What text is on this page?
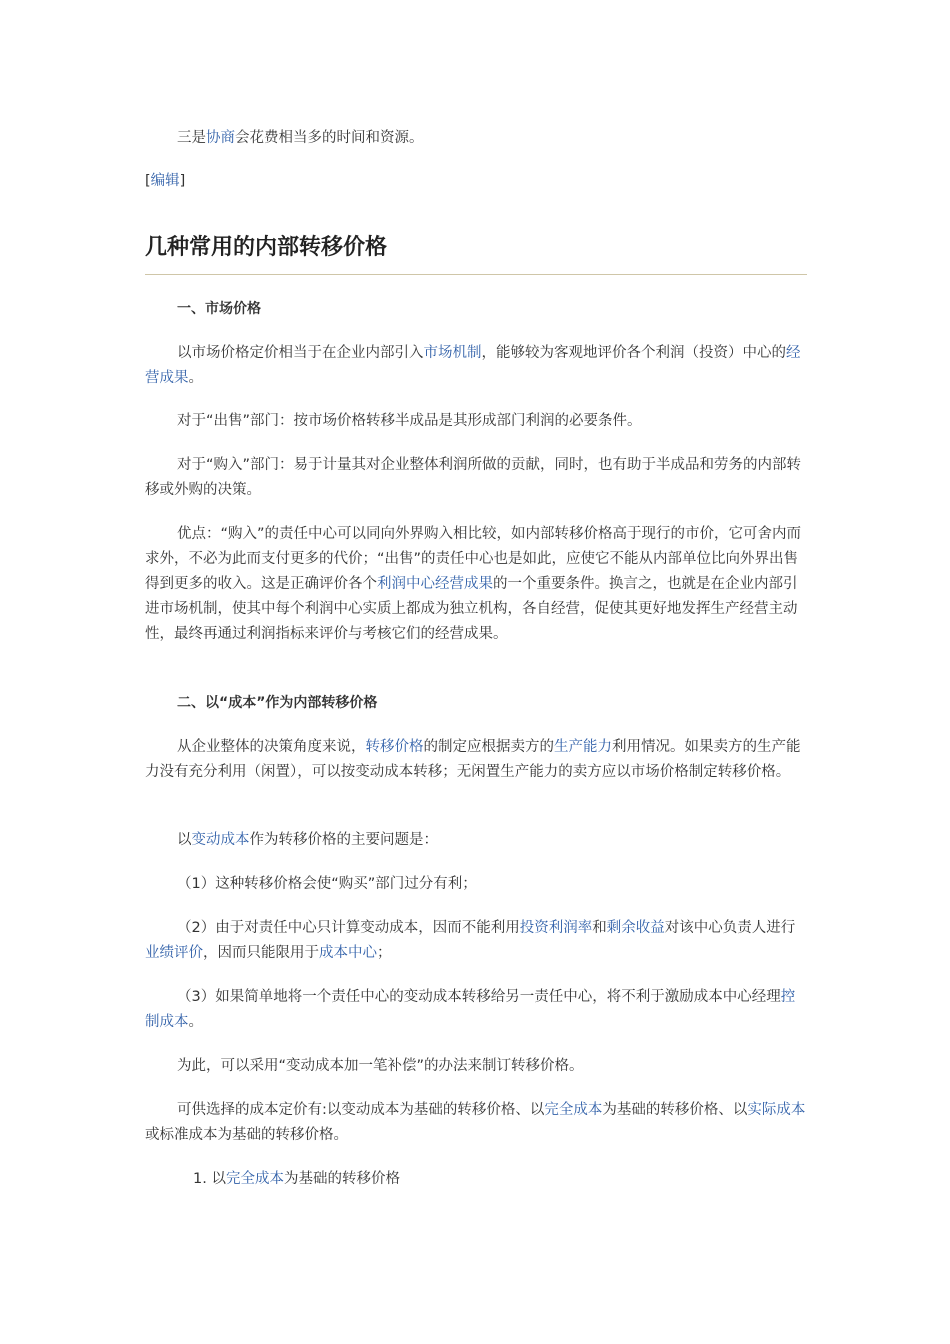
三是协商会花费相当多的时间和资源。

[编辑]
几种常用的内部转移价格

一、市场价格

以市场价格定价相当于在企业内部引入市场机制，能够较为客观地评价各个利润（投资）中心的经营成果。

对于“出售”部门：按市场价格转移半成品是其形成部门利润的必要条件。

对于“购入”部门：易于计量其对企业整体利润所做的贡献，同时，也有助于半成品和劳务的内部转移或外购的决策。

优点：“购入”的责任中心可以同向外界购入相比较，如内部转移价格高于现行的市价，它可舍内而求外，不必为此而支付更多的代价；“出售”的责任中心也是如此，应使它不能从内部单位比向外界出售得到更多的收入。这是正确评价各个利润中心经营成果的一个重要条件。换言之，也就是在企业内部引进市场机制，使其中每个利润中心实质上都成为独立机构，各自经营，促使其更好地发挥生产经营主动性，最终再通过利润指标来评价与考核它们的经营成果。

二、以“成本”作为内部转移价格

从企业整体的决策角度来说，转移价格的制定应根据卖方的生产能力利用情况。如果卖方的生产能力没有充分利用（闲置），可以按变动成本转移；无闲置生产能力的卖方应以市场价格制定转移价格。

以变动成本作为转移价格的主要问题是：

（1）这种转移价格会使“购买”部门过分有利；

（2）由于对责任中心只计算变动成本，因而不能利用投资利润率和剩余收益对该中心负责人进行业绩评价，因而只能限用于成本中心；

（3）如果简单地将一个责任中心的变动成本转移给另一责任中心，将不利于激励成本中心经理控制成本。

为此，可以采用“变动成本加一笔补偿”的办法来制订转移价格。

可供选择的成本定价有:以变动成本为基础的转移价格、以完全成本为基础的转移价格、以实际成本或标准成本为基础的转移价格。

1. 以完全成本为基础的转移价格
